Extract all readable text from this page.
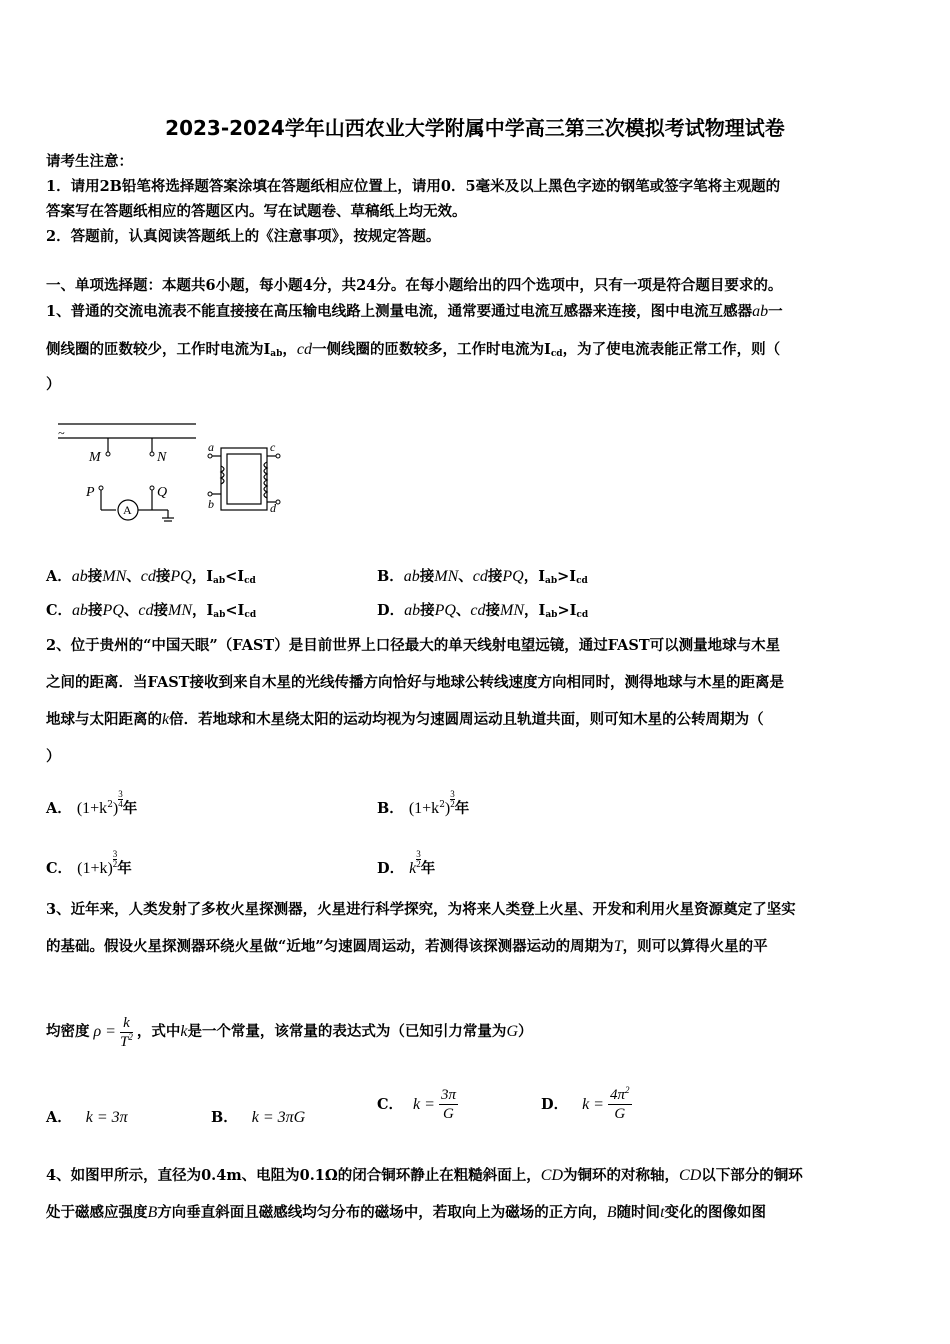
2023-2024学年山西农业大学附属中学高三第三次模拟考试物理试卷
请考生注意：
1．请用2B铅笔将选择题答案涂填在答题纸相应位置上，请用0．5毫米及以上黑色字迹的钢笔或签字笔将主观题的
答案写在答题纸相应的答题区内。写在试题卷、草稿纸上均无效。
2．答题前，认真阅读答题纸上的《注意事项》，按规定答题。
一、单项选择题：本题共6小题，每小题4分，共24分。在每小题给出的四个选项中，只有一项是符合题目要求的。
1、普通的交流电流表不能直接接在高压输电线路上测量电流，通常要通过电流互感器来连接，图中电流互感器ab一
侧线圈的匝数较少，工作时电流为$I_{ab}$，cd一侧线圈的匝数较多，工作时电流为$I_{cd}$，为了使电流表能正常工作，则（
）
~
M	N
P	Q
A
a
b
c
d
A．ab接MN、cd接PQ，$I_{ab}<I_{cd}$	B．ab接MN、cd接PQ，$I_{ab}>I_{cd}$
C．ab接PQ、cd接MN，$I_{ab}<I_{cd}$	D．ab接PQ、cd接MN，$I_{ab}>I_{cd}$
2、位于贵州的“中国天眼”（FAST）是目前世界上口径最大的单天线射电望远镜，通过FAST可以测量地球与木星
之间的距离．当FAST接收到来自木星的光线传播方向恰好与地球公转线速度方向相同时，测得地球与木星的距离是
地球与太阳距离的k倍．若地球和木星绕太阳的运动均视为匀速圆周运动且轨道共面，则可知木星的公转周期为（
）
A． $(1+k^2) \frac{3}{4}$ 年	B． $(1+k^2) \frac{3}{2}$ 年
C． $(1+k) \frac{3}{2}$ 年	D． k $\frac{3}{2}$ 年
3、近年来，人类发射了多枚火星探测器，火星进行科学探究，为将来人类登上火星、开发和利用火星资源奠定了坚实
的基础。假设火星探测器环绕火星做“近地”匀速圆周运动，若测得该探测器运动的周期为T，则可以算得火星的平
均密度 $\rho = \frac{k}{T^2}$ ，式中 k 是一个常量，该常量的表达式为（已知引力常量为 G ）
A． k = 3π	B． k = 3πG
C． $k = \frac{3\pi}{G}$	D． $k = \frac{4\pi^2}{G}$
4、如图甲所示，直径为0.4m、电阻为0.1Ω的闭合铜环静止在粗糙斜面上，CD为铜环的对称轴，CD以下部分的铜环
处于磁感应强度B方向垂直斜面且磁感线均匀分布的磁场中，若取向上为磁场的正方向，B随时间t变化的图像如图
